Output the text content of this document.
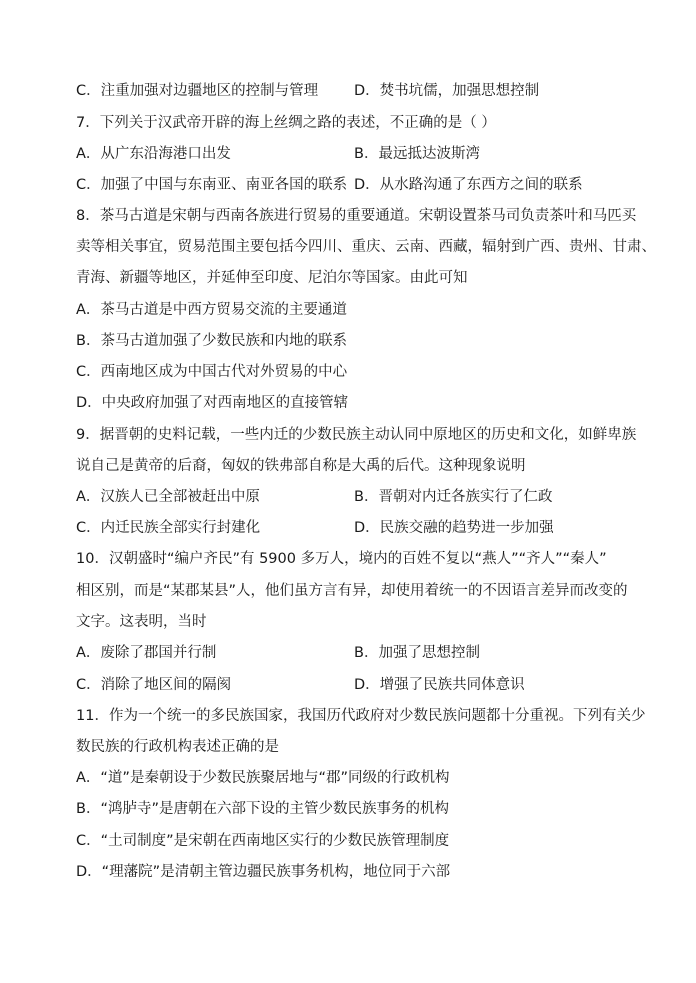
C．注重加强对边疆地区的控制与管理 D．焚书坑儒，加强思想控制
7．下列关于汉武帝开辟的海上丝绸之路的表述，不正确的是（ ）
A．从广东沿海港口出发	B．最远抵达波斯湾
C．加强了中国与东南亚、南亚各国的联系 D．从水路沟通了东西方之间的联系
8．茶马古道是宋朝与西南各族进行贸易的重要通道。宋朝设置茶马司负责茶叶和马匹买
卖等相关事宜，贸易范围主要包括今四川、重庆、云南、西藏，辐射到广西、贵州、甘肃、
青海、新疆等地区，并延伸至印度、尼泊尔等国家。由此可知
A．茶马古道是中西方贸易交流的主要通道
B．茶马古道加强了少数民族和内地的联系
C．西南地区成为中国古代对外贸易的中心
D．中央政府加强了对西南地区的直接管辖
9．据晋朝的史料记载，一些内迁的少数民族主动认同中原地区的历史和文化，如鲜卑族
说自己是黄帝的后裔，匈奴的铁弗部自称是大禹的后代。这种现象说明
A．汉族人已全部被赶出中原	B．晋朝对内迁各族实行了仁政
C．内迁民族全部实行封建化	D．民族交融的趋势进一步加强
10．汉朝盛时“编户齐民”有 5900 多万人，境内的百姓不复以“燕人”“齐人”“秦人”
相区别，而是“某郡某县”人，他们虽方言有异，却使用着统一的不因语言差异而改变的
文字。这表明，当时
A．废除了郡国并行制	B．加强了思想控制
C．消除了地区间的隔阂	D．增强了民族共同体意识
11．作为一个统一的多民族国家，我国历代政府对少数民族问题都十分重视。下列有关少
数民族的行政机构表述正确的是
A．“道”是秦朝设于少数民族聚居地与“郡”同级的行政机构
B．“鸿胪寺”是唐朝在六部下设的主管少数民族事务的机构
C．“土司制度”是宋朝在西南地区实行的少数民族管理制度
D．“理藩院”是清朝主管边疆民族事务机构，地位同于六部
